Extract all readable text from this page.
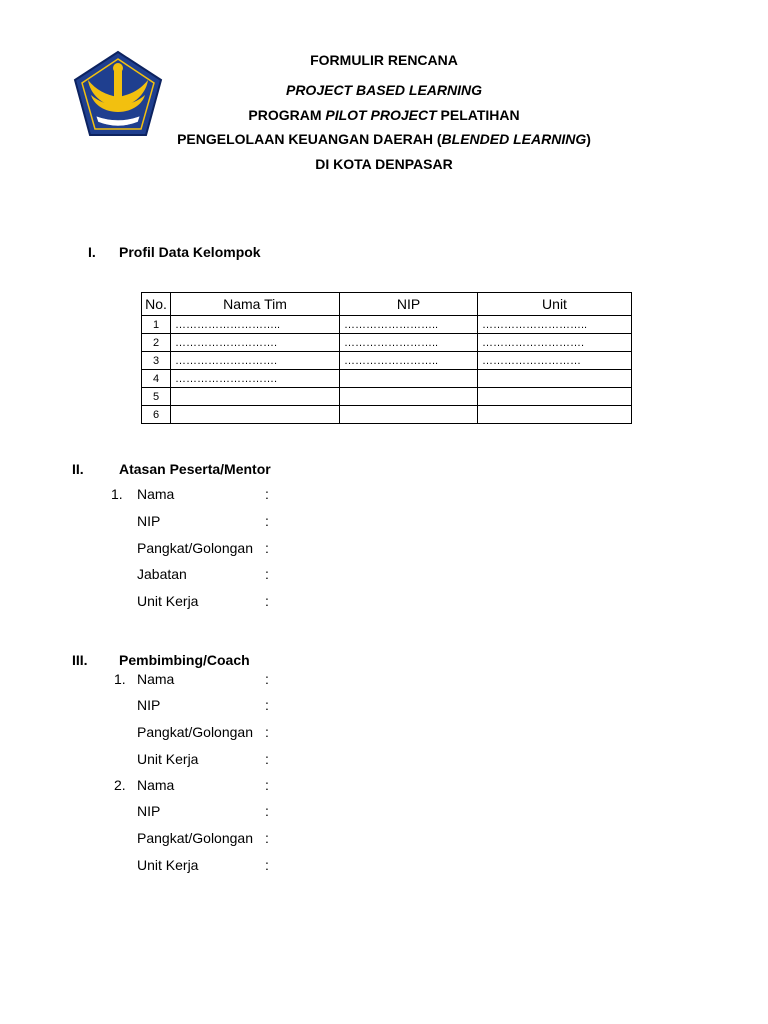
FORMULIR RENCANA
PROJECT BASED LEARNING
PROGRAM PILOT PROJECT PELATIHAN
PENGELOLAAN KEUANGAN DAERAH (BLENDED LEARNING)
DI KOTA DENPASAR
I. Profil Data Kelompok
No.	Nama Tim	NIP	Unit
1	………………………..	……………………..	………………………..
2	……………………….	……………………..	……………………….
3	……………………….	……………………..	………………………
4	……………………….		
5			
6			
II.	Atasan Peserta/Mentor
1. Nama	:
NIP	:
Pangkat/Golongan :
Jabatan	:
Unit Kerja	:
III. Pembimbing/Coach
1. Nama	:
NIP	:
Pangkat/Golongan :
Unit Kerja	:
2. Nama	:
NIP	:
Pangkat/Golongan :
Unit Kerja	:
